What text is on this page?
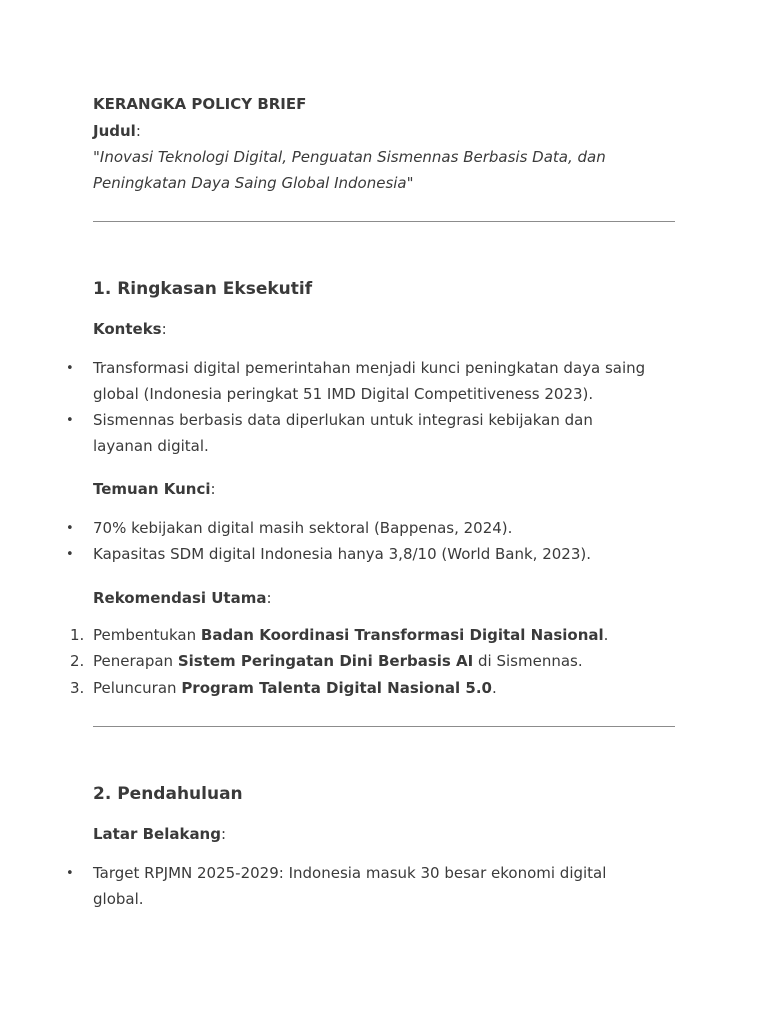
KERANGKA POLICY BRIEF
Judul:
"Inovasi Teknologi Digital, Penguatan Sismennas Berbasis Data, dan
Peningkatan Daya Saing Global Indonesia"
1. Ringkasan Eksekutif
Konteks:
• Transformasi digital pemerintahan menjadi kunci peningkatan daya saing
global (Indonesia peringkat 51 IMD Digital Competitiveness 2023).
• Sismennas berbasis data diperlukan untuk integrasi kebijakan dan
layanan digital.
Temuan Kunci:
• 70% kebijakan digital masih sektoral (Bappenas, 2024).
• Kapasitas SDM digital Indonesia hanya 3,8/10 (World Bank, 2023).
Rekomendasi Utama:
1. Pembentukan Badan Koordinasi Transformasi Digital Nasional.
2. Penerapan Sistem Peringatan Dini Berbasis AI di Sismennas.
3. Peluncuran Program Talenta Digital Nasional 5.0.
2. Pendahuluan
Latar Belakang:
• Target RPJMN 2025-2029: Indonesia masuk 30 besar ekonomi digital
global.
